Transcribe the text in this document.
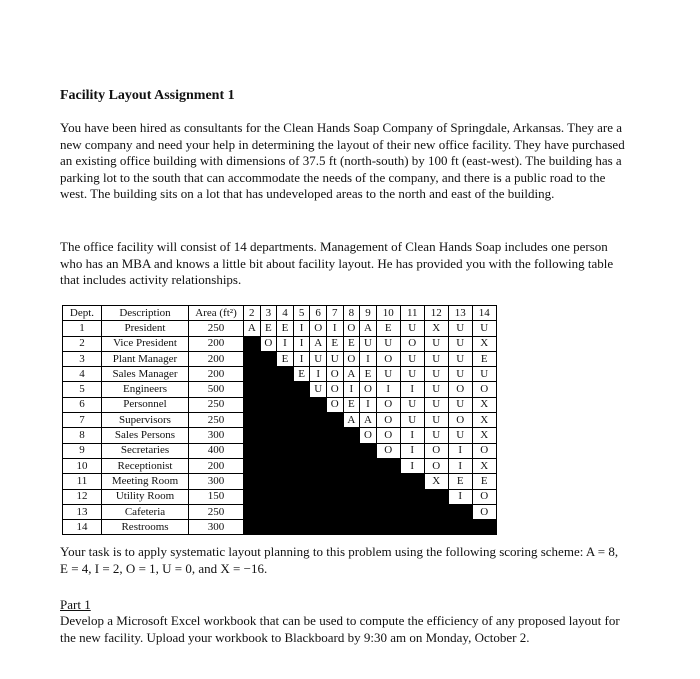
Facility Layout Assignment 1
You have been hired as consultants for the Clean Hands Soap Company of Springdale, Arkansas. They are a new company and need your help in determining the layout of their new office facility. They have purchased an existing office building with dimensions of 37.5 ft (north-south) by 100 ft (east-west). The building has a parking lot to the south that can accommodate the needs of the company, and there is a public road to the west. The building sits on a lot that has undeveloped areas to the north and east of the building.
The office facility will consist of 14 departments. Management of Clean Hands Soap includes one person who has an MBA and knows a little bit about facility layout. He has provided you with the following table that includes activity relationships.
Dept.	Description	Area (ft²)	2	3	4	5	6	7	8	9	10	11	12	13	14
1	President	250	A	E	E	I	O	I	O	A	E	U	X	U	U
2	Vice President	200		O	I	I	A	E	E	U	U	O	U	U	X
3	Plant Manager	200			E	I	U	U	O	I	O	U	U	U	E
4	Sales Manager	200				E	I	O	A	E	U	U	U	U	U
5	Engineers	500					U	O	I	O	I	I	U	O	O
6	Personnel	250						O	E	I	O	U	U	U	X
7	Supervisors	250							A	A	O	U	U	O	X
8	Sales Persons	300								O	O	I	U	U	X
9	Secretaries	400									O	I	O	I	O
10	Receptionist	200										I	O	I	X
11	Meeting Room	300											X	E	E
12	Utility Room	150												I	O
13	Cafeteria	250													O
14	Restrooms	300													
Your task is to apply systematic layout planning to this problem using the following scoring scheme: A = 8, E = 4, I = 2, O = 1, U = 0, and X = −16.
Part 1
Develop a Microsoft Excel workbook that can be used to compute the efficiency of any proposed layout for the new facility. Upload your workbook to Blackboard by 9:30 am on Monday, October 2.
